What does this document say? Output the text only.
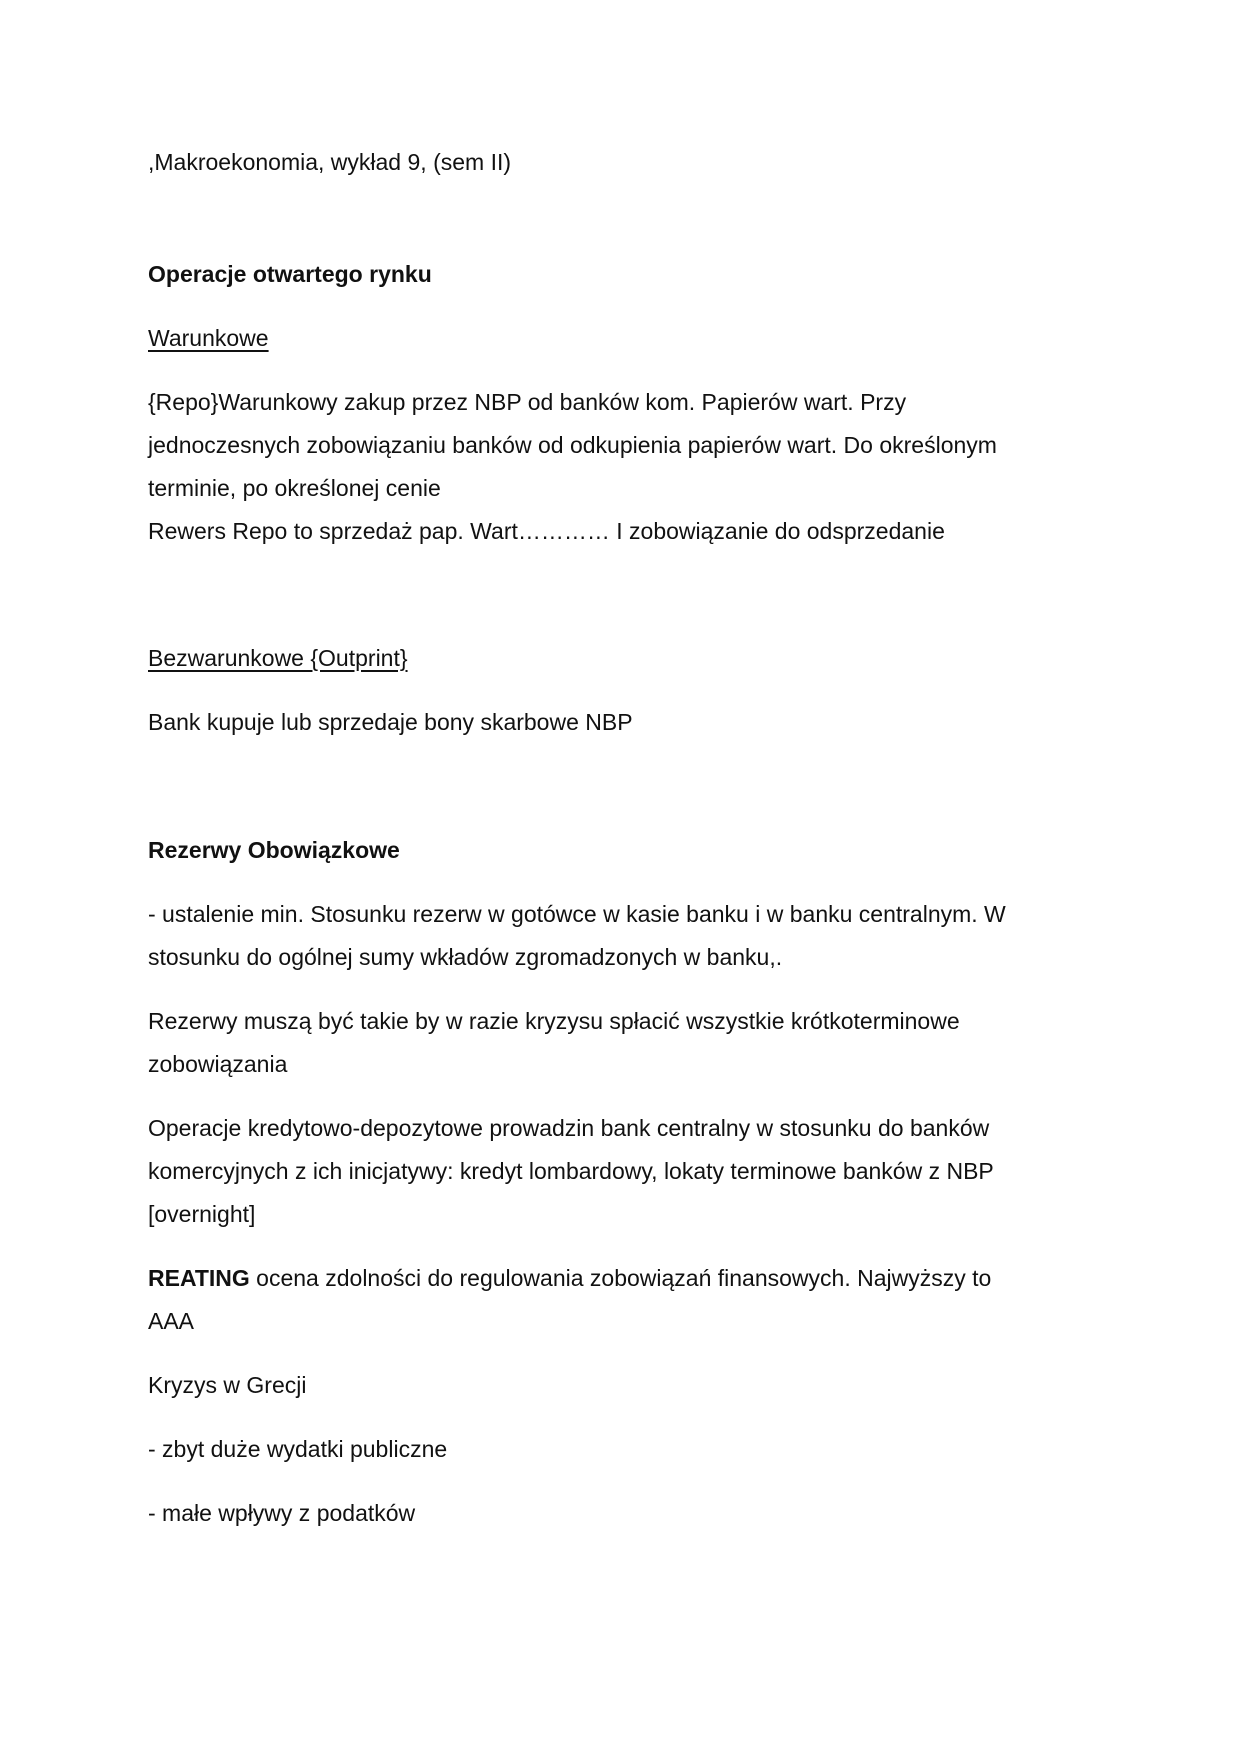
,Makroekonomia, wykład 9, (sem II)

Operacje otwartego rynku

Warunkowe

{Repo}Warunkowy zakup przez NBP od banków kom. Papierów wart. Przy

jednoczesnych zobowiązaniu banków od odkupienia papierów wart. Do określonym

terminie, po określonej cenie

Rewers Repo to sprzedaż pap. Wart………… I zobowiązanie do odsprzedanie

Bezwarunkowe {Outprint}

Bank kupuje lub sprzedaje bony skarbowe NBP

Rezerwy Obowiązkowe

- ustalenie min. Stosunku rezerw w gotówce w kasie banku i w banku centralnym. W

stosunku do ogólnej sumy wkładów zgromadzonych w banku,.

Rezerwy muszą być takie by w razie kryzysu spłacić wszystkie krótkoterminowe

zobowiązania

Operacje kredytowo-depozytowe prowadzin bank centralny w stosunku do banków

komercyjnych z ich inicjatywy: kredyt lombardowy, lokaty terminowe banków z NBP

[overnight]

REATING ocena zdolności do regulowania zobowiązań finansowych. Najwyższy to

AAA

Kryzys w Grecji

- zbyt duże wydatki publiczne

- małe wpływy z podatków
